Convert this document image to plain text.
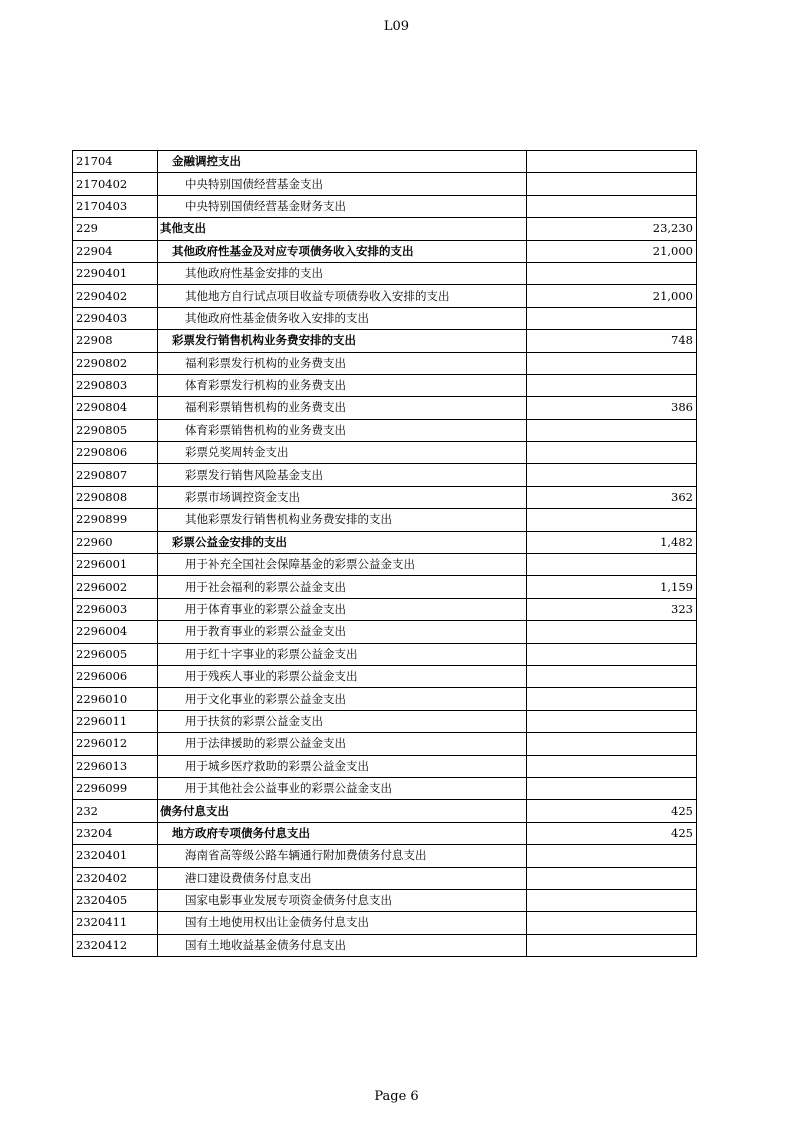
L09
21704	金融调控支出	
2170402	中央特别国债经营基金支出	
2170403	中央特别国债经营基金财务支出	
229	其他支出	23,230
22904	其他政府性基金及对应专项债务收入安排的支出	21,000
2290401	其他政府性基金安排的支出	
2290402	其他地方自行试点项目收益专项债券收入安排的支出	21,000
2290403	其他政府性基金债务收入安排的支出	
22908	彩票发行销售机构业务费安排的支出	748
2290802	福利彩票发行机构的业务费支出	
2290803	体育彩票发行机构的业务费支出	
2290804	福利彩票销售机构的业务费支出	386
2290805	体育彩票销售机构的业务费支出	
2290806	彩票兑奖周转金支出	
2290807	彩票发行销售风险基金支出	
2290808	彩票市场调控资金支出	362
2290899	其他彩票发行销售机构业务费安排的支出	
22960	彩票公益金安排的支出	1,482
2296001	用于补充全国社会保障基金的彩票公益金支出	
2296002	用于社会福利的彩票公益金支出	1,159
2296003	用于体育事业的彩票公益金支出	323
2296004	用于教育事业的彩票公益金支出	
2296005	用于红十字事业的彩票公益金支出	
2296006	用于残疾人事业的彩票公益金支出	
2296010	用于文化事业的彩票公益金支出	
2296011	用于扶贫的彩票公益金支出	
2296012	用于法律援助的彩票公益金支出	
2296013	用于城乡医疗救助的彩票公益金支出	
2296099	用于其他社会公益事业的彩票公益金支出	
232	债务付息支出	425
23204	地方政府专项债务付息支出	425
2320401	海南省高等级公路车辆通行附加费债务付息支出	
2320402	港口建设费债务付息支出	
2320405	国家电影事业发展专项资金债务付息支出	
2320411	国有土地使用权出让金债务付息支出	
2320412	国有土地收益基金债务付息支出	
Page 6
